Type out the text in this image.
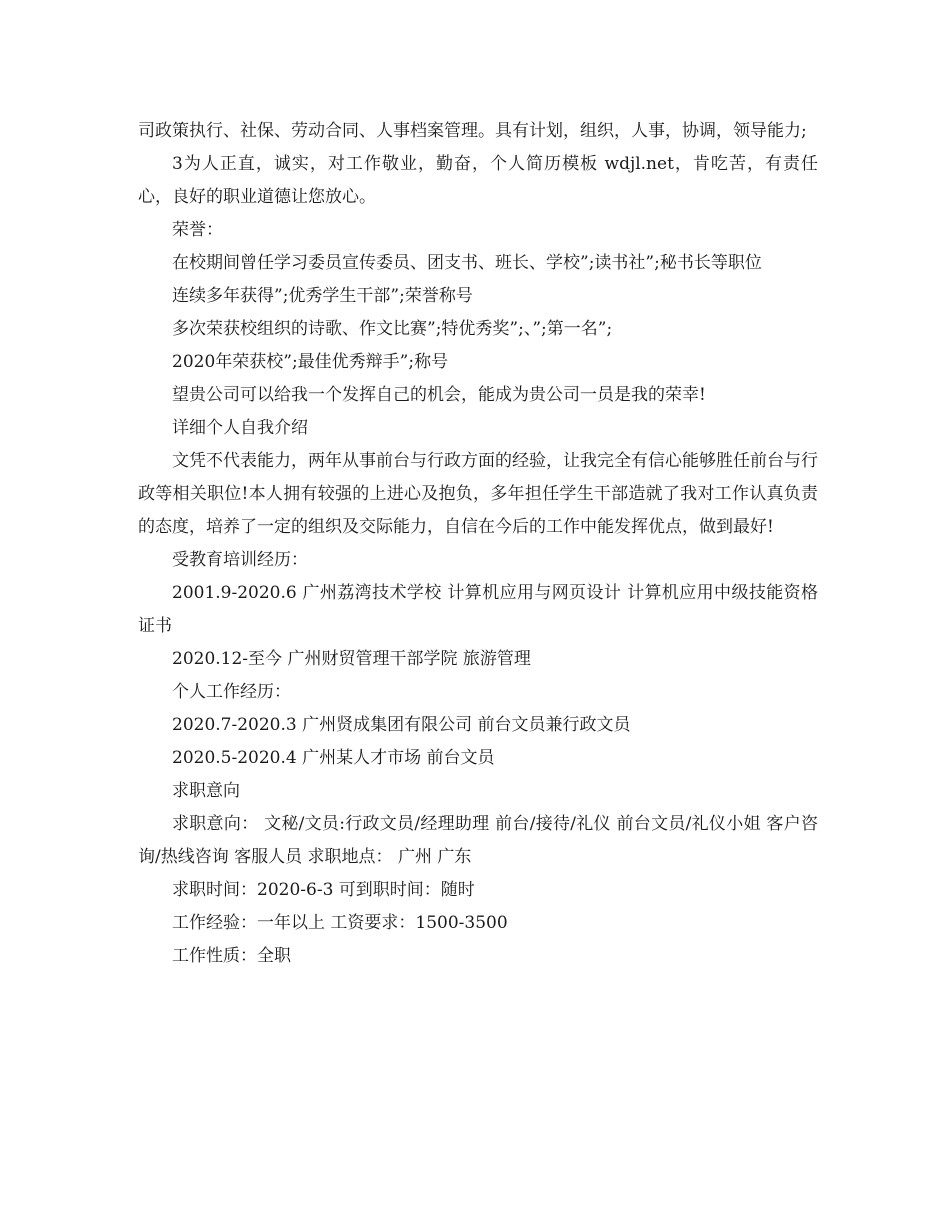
司政策执行、社保、劳动合同、人事档案管理。具有计划，组织，人事，协调，领导能力;

3为人正直，诚实，对工作敬业，勤奋，个人简历模板 wdjl.net，肯吃苦，有责任心，良好的职业道德让您放心。

荣誉：

在校期间曾任学习委员宣传委员、团支书、班长、学校”;读书社”;秘书长等职位

连续多年获得”;优秀学生干部”;荣誉称号

多次荣获校组织的诗歌、作文比赛”;特优秀奖”;、”;第一名”;

2020年荣获校”;最佳优秀辩手”;称号

望贵公司可以给我一个发挥自己的机会，能成为贵公司一员是我的荣幸!

详细个人自我介绍

文凭不代表能力，两年从事前台与行政方面的经验，让我完全有信心能够胜任前台与行政等相关职位!本人拥有较强的上进心及抱负，多年担任学生干部造就了我对工作认真负责的态度，培养了一定的组织及交际能力，自信在今后的工作中能发挥优点，做到最好!

受教育培训经历：

2001.9-2020.6 广州荔湾技术学校 计算机应用与网页设计 计算机应用中级技能资格证书

2020.12-至今 广州财贸管理干部学院 旅游管理

个人工作经历：

2020.7-2020.3 广州贤成集团有限公司 前台文员兼行政文员

2020.5-2020.4 广州某人才市场 前台文员

求职意向

求职意向： 文秘/文员:行政文员/经理助理 前台/接待/礼仪 前台文员/礼仪小姐 客户咨询/热线咨询 客服人员 求职地点： 广州 广东

求职时间：2020-6-3 可到职时间：随时

工作经验：一年以上 工资要求：1500-3500

工作性质：全职
